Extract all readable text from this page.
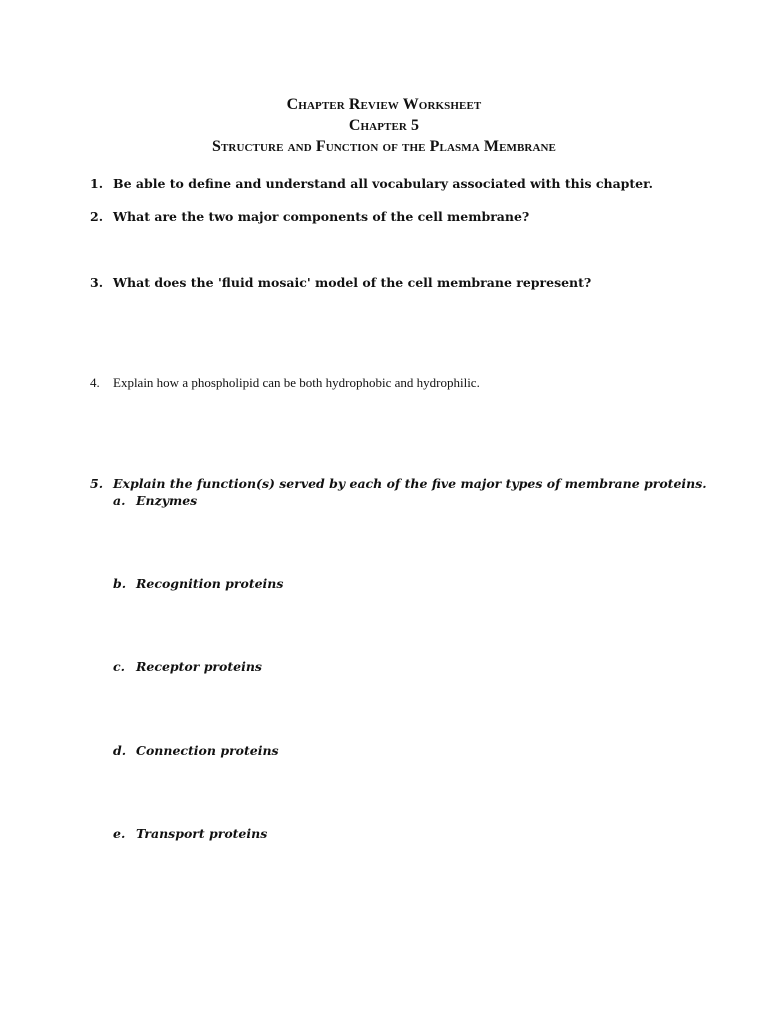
Chapter Review Worksheet
Chapter 5
Structure and Function of the Plasma Membrane
1. Be able to define and understand all vocabulary associated with this chapter.
2. What are the two major components of the cell membrane?
3. What does the 'fluid mosaic' model of the cell membrane represent?
4. Explain how a phospholipid can be both hydrophobic and hydrophilic.
5. Explain the function(s) served by each of the five major types of membrane proteins.
a. Enzymes
b. Recognition proteins
c. Receptor proteins
d. Connection proteins
e. Transport proteins
